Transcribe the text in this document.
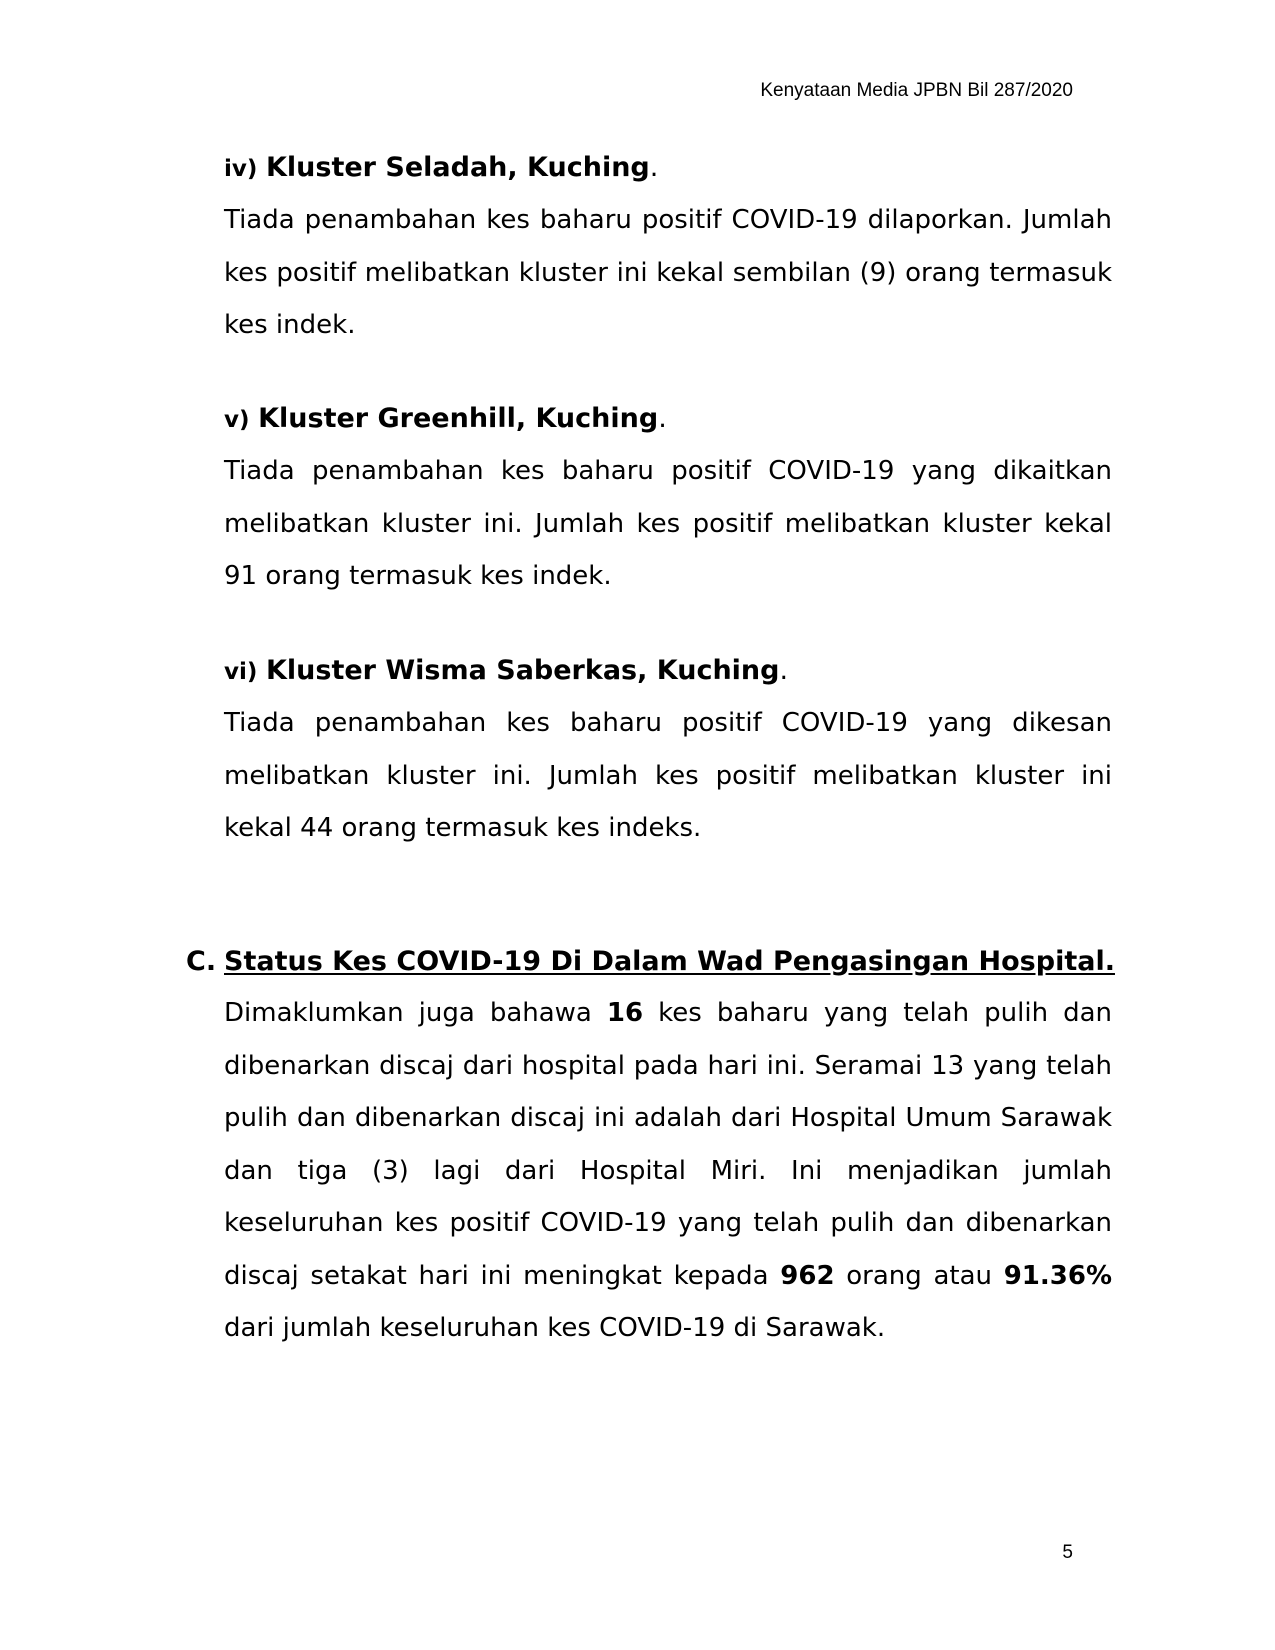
Kenyataan Media JPBN Bil 287/2020
iv) Kluster Seladah, Kuching.
Tiada penambahan kes baharu positif COVID-19 dilaporkan. Jumlah kes positif melibatkan kluster ini kekal sembilan (9) orang termasuk kes indek.
v) Kluster Greenhill, Kuching.
Tiada penambahan kes baharu positif COVID-19 yang dikaitkan melibatkan kluster ini. Jumlah kes positif melibatkan kluster kekal 91 orang termasuk kes indek.
vi) Kluster Wisma Saberkas, Kuching.
Tiada penambahan kes baharu positif COVID-19 yang dikesan melibatkan kluster ini. Jumlah kes positif melibatkan kluster ini kekal 44 orang termasuk kes indeks.
C. Status Kes COVID-19 Di Dalam Wad Pengasingan Hospital.
Dimaklumkan juga bahawa 16 kes baharu yang telah pulih dan dibenarkan discaj dari hospital pada hari ini. Seramai 13 yang telah pulih dan dibenarkan discaj ini adalah dari Hospital Umum Sarawak dan tiga (3) lagi dari Hospital Miri. Ini menjadikan jumlah keseluruhan kes positif COVID-19 yang telah pulih dan dibenarkan discaj setakat hari ini meningkat kepada 962 orang atau 91.36% dari jumlah keseluruhan kes COVID-19 di Sarawak.
5
